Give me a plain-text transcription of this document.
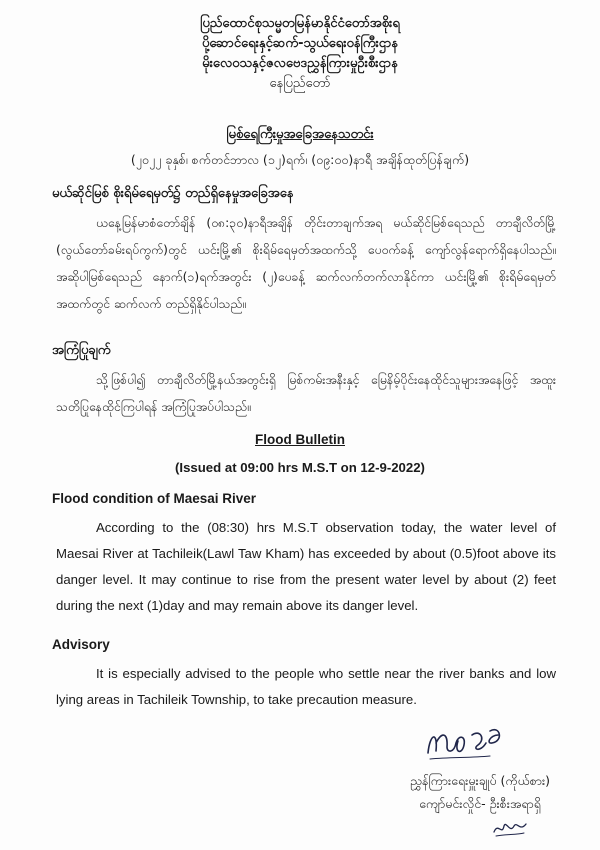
ပြည်ထောင်စုသမ္မတမြန်မာနိုင်ငံတော်အစိုးရ
ပို့ဆောင်ရေးနှင့်ဆက်-သွယ်ရေးဝန်ကြီးဌာန
မိုးလေဝသနှင့်ဇလဗေဒညွှန်ကြားမှုဦးစီးဌာန
နေပြည်တော်
မြစ်ရေကြီးမှုအခြေအနေသတင်း
(၂၀၂၂ ခုနှစ်၊ စက်တင်ဘာလ (၁၂)ရက်၊ (၀၉:၀၀)နာရီ အချိန်ထုတ်ပြန်ချက်)
မယ်ဆိုင်မြစ် စိုးရိမ်ရေမှတ်၌ တည်ရှိနေမှုအခြေအနေ
ယနေ့မြန်မာစံတော်ချိန် (၀၈:၃၀)နာရီအချိန် တိုင်းတာချက်အရ မယ်ဆိုင်မြစ်ရေသည် တာချီလိတ်မြို့ (လွယ်တော်ခမ်းရပ်ကွက်)တွင် ယင်းမြို့၏ စိုးရိမ်ရေမှတ်အထက်သို့ ပေ၀က်ခန့် ကျော်လွန်ရောက်ရှိနေပါသည်။ အဆိုပါမြစ်ရေသည် နောက်(၁)ရက်အတွင်း (၂)ပေခန့် ဆက်လက်တက်လာနိုင်ကာ ယင်းမြို့၏ စိုးရိမ်ရေမှတ်အထက်တွင် ဆက်လက် တည်ရှိနိုင်ပါသည်။
အကြံပြုချက်
သို့ဖြစ်ပါ၍ တာချီလိတ်မြို့နယ်အတွင်းရှိ မြစ်ကမ်းအနီးနှင့် မြေနိမ့်ပိုင်းနေထိုင်သူများအနေဖြင့် အထူး သတိပြုနေထိုင်ကြပါရန် အကြံပြုအပ်ပါသည်။
Flood Bulletin
(Issued at 09:00 hrs M.S.T on 12-9-2022)
Flood condition of Maesai River
According to the (08:30) hrs M.S.T observation today, the water level of Maesai River at Tachileik(Lawl Taw Kham) has exceeded by about (0.5)foot above its danger level. It may continue to rise from the present water level by about (2) feet during the next (1)day and may remain above its danger level.
Advisory
It is especially advised to the people who settle near the river banks and low lying areas in Tachileik Township, to take precaution measure.
ညွှန်ကြားရေးမှူးချုပ် (ကိုယ်စား)
ကျော်မင်းလှိုင်- ဦးစီးအရာရှိ
